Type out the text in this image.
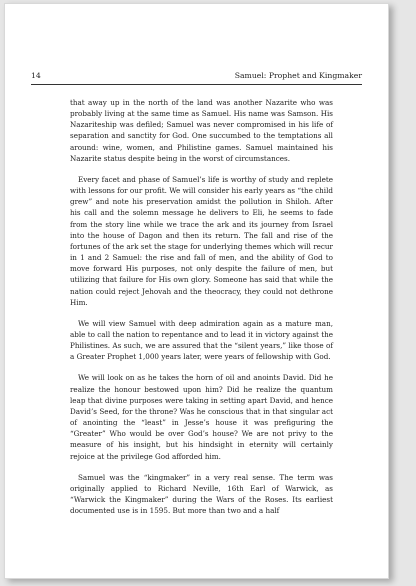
14	Samuel: Prophet and Kingmaker

that away up in the north of the land was another Nazarite who was probably living at the same time as Samuel. His name was Samson. His Nazariteship was defiled; Samuel was never compromised in his life of separation and sanctity for God. One succumbed to the temptations all around: wine, women, and Philistine games. Samuel maintained his Nazarite status despite being in the worst of circumstances.

Every facet and phase of Samuel’s life is worthy of study and replete with lessons for our profit. We will consider his early years as “the child grew” and note his preservation amidst the pollution in Shiloh. After his call and the solemn message he delivers to Eli, he seems to fade from the story line while we trace the ark and its journey from Israel into the house of Dagon and then its return. The fall and rise of the fortunes of the ark set the stage for underlying themes which will recur in 1 and 2 Samuel: the rise and fall of men, and the ability of God to move forward His purposes, not only despite the failure of men, but utilizing that failure for His own glory. Someone has said that while the nation could reject Jehovah and the theocracy, they could not dethrone Him.

We will view Samuel with deep admiration again as a mature man, able to call the nation to repentance and to lead it in victory against the Philistines. As such, we are assured that the “silent years,” like those of a Greater Prophet 1,000 years later, were years of fellowship with God.

We will look on as he takes the horn of oil and anoints David. Did he realize the honour bestowed upon him? Did he realize the quantum leap that divine purposes were taking in setting apart David, and hence David’s Seed, for the throne? Was he conscious that in that singular act of anointing the “least” in Jesse’s house it was prefiguring the “Greater” Who would be over God’s house? We are not privy to the measure of his insight, but his hindsight in eternity will certainly rejoice at the privilege God afforded him.

Samuel was the “kingmaker” in a very real sense. The term was originally applied to Richard Neville, 16th Earl of Warwick, as “Warwick the Kingmaker” during the Wars of the Roses. Its earliest documented use is in 1595. But more than two and a half
